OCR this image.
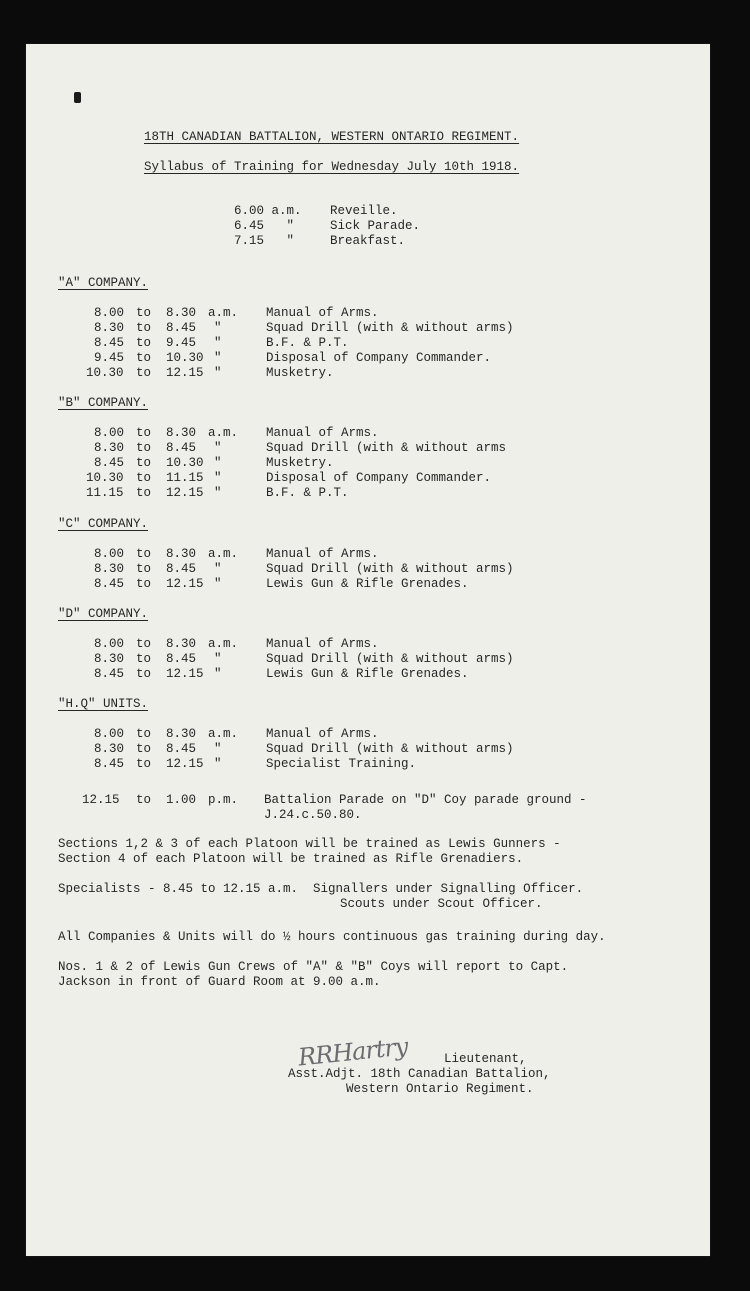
18TH CANADIAN BATTALION, WESTERN ONTARIO REGIMENT.
Syllabus of Training for Wednesday July 10th 1918.
6.00 a.m. Reveille.
6.45   "	Sick Parade.
7.15   "	Breakfast.
"A" COMPANY.
8.00 to 8.30 a.m. Manual of Arms.
8.30 to 8.45 "	Squad Drill (with & without arms)
8.45 to 9.45 "	B.F. & P.T.
9.45 to 10.30 "	Disposal of Company Commander.
10.30 to 12.15 "	Musketry.
"B" COMPANY.
8.00 to 8.30 a.m. Manual of Arms.
8.30 to 8.45 "	Squad Drill (with & without arms
8.45 to 10.30 "	Musketry.
10.30 to 11.15 "	Disposal of Company Commander.
11.15 to 12.15 "	B.F. & P.T.
"C" COMPANY.
8.00 to 8.30 a.m. Manual of Arms.
8.30 to 8.45 "	Squad Drill (with & without arms)
8.45 to 12.15 "	Lewis Gun & Rifle Grenades.
"D" COMPANY.
8.00 to 8.30 a.m. Manual of Arms.
8.30 to 8.45 "	Squad Drill (with & without arms)
8.45 to 12.15 "	Lewis Gun & Rifle Grenades.
"H.Q" UNITS.
8.00 to 8.30 a.m. Manual of Arms.
8.30 to 8.45 "	Squad Drill (with & without arms)
8.45 to 12.15 "	Specialist Training.
12.15 to 1.00 p.m. Battalion Parade on "D" Coy parade ground -
J.24.c.50.80.
Sections 1,2 & 3 of each Platoon will be trained as Lewis Gunners -
Section 4 of each Platoon will be trained as Rifle Grenadiers.
Specialists - 8.45 to 12.15 a.m.  Signallers under Signalling Officer.
Scouts under Scout Officer.
All Companies & Units will do ½ hours continuous gas training during day.
Nos. 1 & 2 of Lewis Gun Crews of "A" & "B" Coys will report to Capt.
Jackson in front of Guard Room at 9.00 a.m.
RRHartry	Lieutenant,
Asst.Adjt. 18th Canadian Battalion,
Western Ontario Regiment.
